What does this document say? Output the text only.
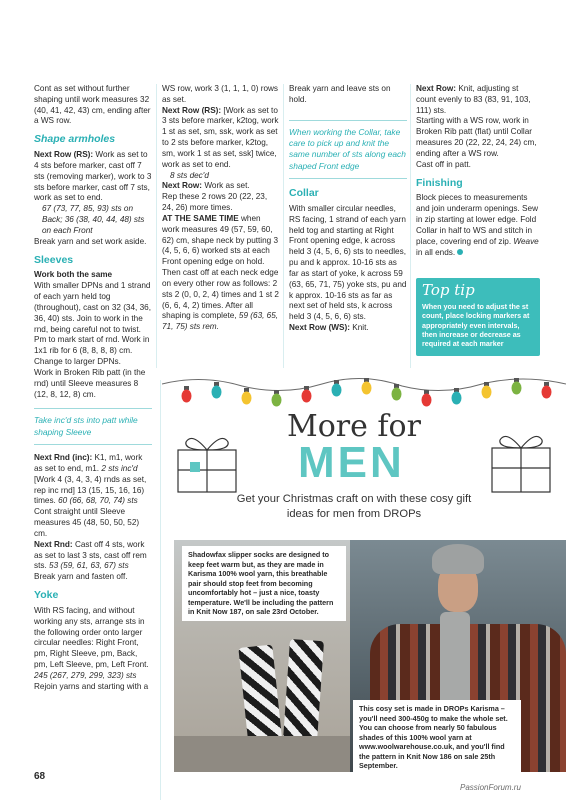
Cont as set without further shaping until work measures 32 (40, 41, 42, 43) cm, ending after a WS row.

Shape armholes

Next Row (RS): Work as set to 4 sts before marker, cast off 7 sts (removing marker), work to 3 sts before marker, cast off 7 sts, work as set to end.

67 (73, 77, 85, 93) sts on Back; 36 (38, 40, 44, 48) sts on each Front

Break yarn and set work aside.

Sleeves

Work both the same

With smaller DPNs and 1 strand of each yarn held tog (throughout), cast on 32 (34, 36, 36, 40) sts. Join to work in the rnd, being careful not to twist. Pm to mark start of rnd. Work in 1x1 rib for 6 (8, 8, 8, 8) cm.

Change to larger DPNs.

Work in Broken Rib patt (in the rnd) until Sleeve measures 8 (12, 8, 12, 8) cm.

Take inc'd sts into patt while shaping Sleeve

Next Rnd (inc): K1, m1, work as set to end, m1. 2 sts inc'd

[Work 4 (3, 4, 3, 4) rnds as set, rep inc rnd] 13 (15, 15, 16, 16) times. 60 (66, 68, 70, 74) sts

Cont straight until Sleeve measures 45 (48, 50, 50, 52) cm.

Next Rnd: Cast off 4 sts, work as set to last 3 sts, cast off rem sts. 53 (59, 61, 63, 67) sts

Break yarn and fasten off.

Yoke

With RS facing, and without working any sts, arrange sts in the following order onto larger circular needles: Right Front, pm, Right Sleeve, pm, Back, pm, Left Sleeve, pm, Left Front.

245 (267, 279, 299, 323) sts

Rejoin yarns and starting with a

WS row, work 3 (1, 1, 1, 0) rows as set.

Next Row (RS): [Work as set to 3 sts before marker, k2tog, work 1 st as set, sm, ssk, work as set to 2 sts before marker, k2tog, sm, work 1 st as set, ssk] twice, work as set to end.

8 sts dec'd

Next Row: Work as set.

Rep these 2 rows 20 (22, 23, 24, 26) more times.

AT THE SAME TIME when work measures 49 (57, 59, 60, 62) cm, shape neck by putting 3 (4, 5, 6, 6) worked sts at each Front opening edge on hold. Then cast off at each neck edge on every other row as follows: 2 sts 2 (0, 0, 2, 4) times and 1 st 2 (6, 6, 4, 2) times. After all shaping is complete, 59 (63, 65, 71, 75) sts rem.

Break yarn and leave sts on hold.

When working the Collar, take care to pick up and knit the same number of sts along each shaped Front edge
Collar

With smaller circular needles, RS facing, 1 strand of each yarn held tog and starting at Right Front opening edge, k across held 3 (4, 5, 6, 6) sts to needles, pu and k approx. 10-16 sts as far as start of yoke, k across 59 (63, 65, 71, 75) yoke sts, pu and k approx. 10-16 sts as far as next set of held sts, k across held 3 (4, 5, 6, 6) sts.

Next Row (WS): Knit.

Next Row: Knit, adjusting st count evenly to 83 (83, 91, 103, 111) sts.

Starting with a WS row, work in Broken Rib patt (flat) until Collar measures 20 (22, 22, 24, 24) cm, ending after a WS row.

Cast off in patt.

Finishing

Block pieces to measurements and join underarm openings. Sew in zip starting at lower edge. Fold Collar in half to WS and stitch in place, covering end of zip. Weave in all ends.

Top tip
When you need to adjust the st count, place locking markers at appropriately even intervals, then increase or decrease as required at each marker
More for
MEN
Get your Christmas craft on with these cosy gift ideas for men from DROPs
Shadowfax slipper socks are designed to keep feet warm but, as they are made in Karisma 100% wool yarn, this breathable pair should stop feet from becoming uncomfortably hot – just a nice, toasty temperature. We'll be including the pattern in Knit Now 187, on sale 23rd October.
This cosy set is made in DROPs Karisma – you'll need 300-450g to make the whole set. You can choose from nearly 50 fabulous shades of this 100% wool yarn at www.woolwarehouse.co.uk, and you'll find the pattern in Knit Now 186 on sale 25th September.
68
PassionForum.ru
